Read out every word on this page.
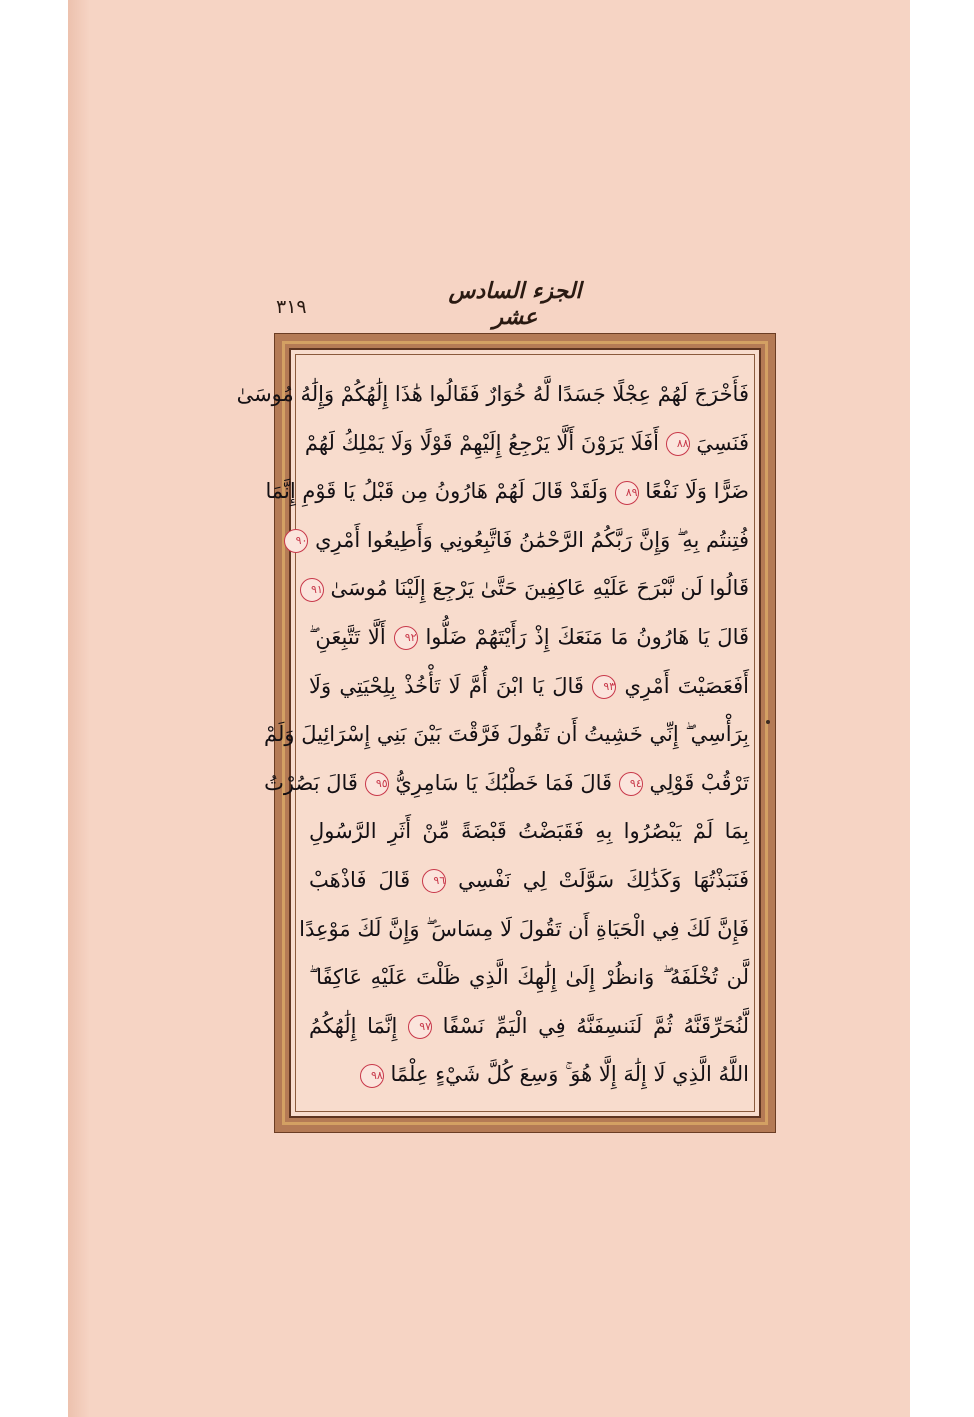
الجزء السادس عشر
٣١٩
فَأَخْرَجَ لَهُمْ عِجْلًا جَسَدًا لَّهُ خُوَارٌ فَقَالُوا هَٰذَا إِلَٰهُكُمْ وَإِلَٰهُ مُوسَىٰ
فَنَسِيَ ٨٨ أَفَلَا يَرَوْنَ أَلَّا يَرْجِعُ إِلَيْهِمْ قَوْلًا وَلَا يَمْلِكُ لَهُمْ
ضَرًّا وَلَا نَفْعًا ٨٩ وَلَقَدْ قَالَ لَهُمْ هَارُونُ مِن قَبْلُ يَا قَوْمِ إِنَّمَا
فُتِنتُم بِهِ ۖ وَإِنَّ رَبَّكُمُ الرَّحْمَٰنُ فَاتَّبِعُونِي وَأَطِيعُوا أَمْرِي ٩٠
قَالُوا لَن نَّبْرَحَ عَلَيْهِ عَاكِفِينَ حَتَّىٰ يَرْجِعَ إِلَيْنَا مُوسَىٰ ٩١
قَالَ يَا هَارُونُ مَا مَنَعَكَ إِذْ رَأَيْتَهُمْ ضَلُّوا ٩٢ أَلَّا تَتَّبِعَنِ ۖ
أَفَعَصَيْتَ أَمْرِي ٩٣ قَالَ يَا ابْنَ أُمَّ لَا تَأْخُذْ بِلِحْيَتِي وَلَا
بِرَأْسِي ۖ إِنِّي خَشِيتُ أَن تَقُولَ فَرَّقْتَ بَيْنَ بَنِي إِسْرَائِيلَ وَلَمْ
تَرْقُبْ قَوْلِي ٩٤ قَالَ فَمَا خَطْبُكَ يَا سَامِرِيُّ ٩٥ قَالَ بَصُرْتُ
بِمَا لَمْ يَبْصُرُوا بِهِ فَقَبَضْتُ قَبْضَةً مِّنْ أَثَرِ الرَّسُولِ
فَنَبَذْتُهَا وَكَذَٰلِكَ سَوَّلَتْ لِي نَفْسِي ٩٦ قَالَ فَاذْهَبْ
فَإِنَّ لَكَ فِي الْحَيَاةِ أَن تَقُولَ لَا مِسَاسَ ۖ وَإِنَّ لَكَ مَوْعِدًا
لَّن تُخْلَفَهُ ۖ وَانظُرْ إِلَىٰ إِلَٰهِكَ الَّذِي ظَلْتَ عَلَيْهِ عَاكِفًا ۖ
لَّنُحَرِّقَنَّهُ ثُمَّ لَنَنسِفَنَّهُ فِي الْيَمِّ نَسْفًا ٩٧ إِنَّمَا إِلَٰهُكُمُ
اللَّهُ الَّذِي لَا إِلَٰهَ إِلَّا هُوَ ۚ وَسِعَ كُلَّ شَيْءٍ عِلْمًا ٩٨
